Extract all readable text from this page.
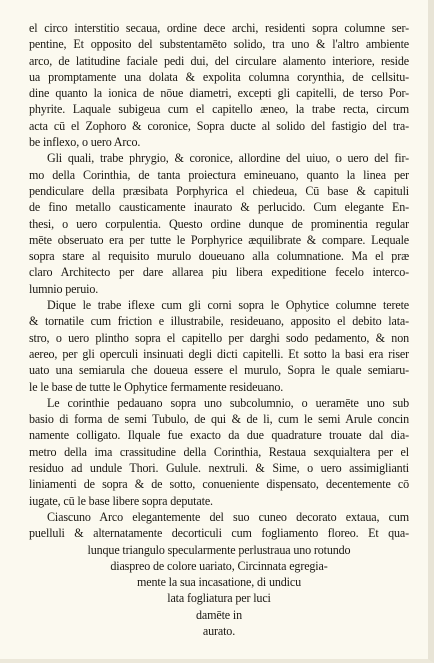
el circo interstitio secaua, ordine dece archi, residenti sopra columne ser-
pentine, Et opposito del substentamēto solido, tra uno & l'altro ambiente
arco, de latitudine faciale pedi dui, del circulare alamento interiore, reside
ua promptamente una dolata & expolita columna corynthia, de cellsitu-
dine quanto la ionica de nōue diametri, excepti gli capitelli, de terso Por-
phyrite. Laquale subigeua cum el capitello æneo, la trabe recta, circum
acta cū el Zophoro & coronice, Sopra ducte al solido del fastigio del tra-
be inflexo, o uero Arco.

Gli quali, trabe phrygio, & coronice, allordine del uiuo, o uero del fir-
mo della Corinthia, de tanta proiectura emineuano, quanto la linea per
pendiculare della præsibata Porphyrica el chiedeua, Cū base & capituli
de fino metallo causticamente inaurato & perlucido. Cum elegante En-
thesi, o uero corpulentia. Questo ordine dunque de prominentia regular
mēte obseruato era per tutte le Porphyrice æquilibrate & compare. Lequale
sopra stare al requisito murulo doueuano alla columnatione. Ma el præ
claro Architecto per dare allarea piu libera expeditione fecelo interco-
lumnio peruio.

Dique le trabe iflexe cum gli corni sopra le Ophytice columne terete
& tornatile cum friction e illustrabile, resideuano, apposito el debito lata-
stro, o uero plintho sopra el capitello per darghi sodo pedamento, & non
aereo, per gli operculi insinuati degli dicti capitelli. Et sotto la basi era riser
uato una semiarula che doueua essere el murulo, Sopra le quale semiaru-
le le base de tutte le Ophytice fermamente resideuano.

Le corinthie pedauano sopra uno subcolumnio, o ueramēte uno sub
basio di forma de semi Tubulo, de qui & de li, cum le semi Arule concin
namente colligato. Ilquale fue exacto da due quadrature trouate dal dia-
metro della ima crassitudine della Corinthia, Restaua sexquialtera per el
residuo ad undule Thori. Gulule. nextruli. & Sime, o uero assimiglianti
liniamenti de sopra & de sotto, conueniente dispensato, decentemente cō
iugate, cū le base libere sopra deputate.

Ciascuno Arco elegantemente del suo cuneo decorato extaua, cum
puelluli & alternatamente decorticuli cum fogliamento floreo. Et qua-

lunque triangulo specularmente perlustraua uno rotundo
diaspreo de colore uariato, Circinnata egregia-
mente la sua incasatione, di undicu
lata fogliatura per luci
damēte in
aurato.
